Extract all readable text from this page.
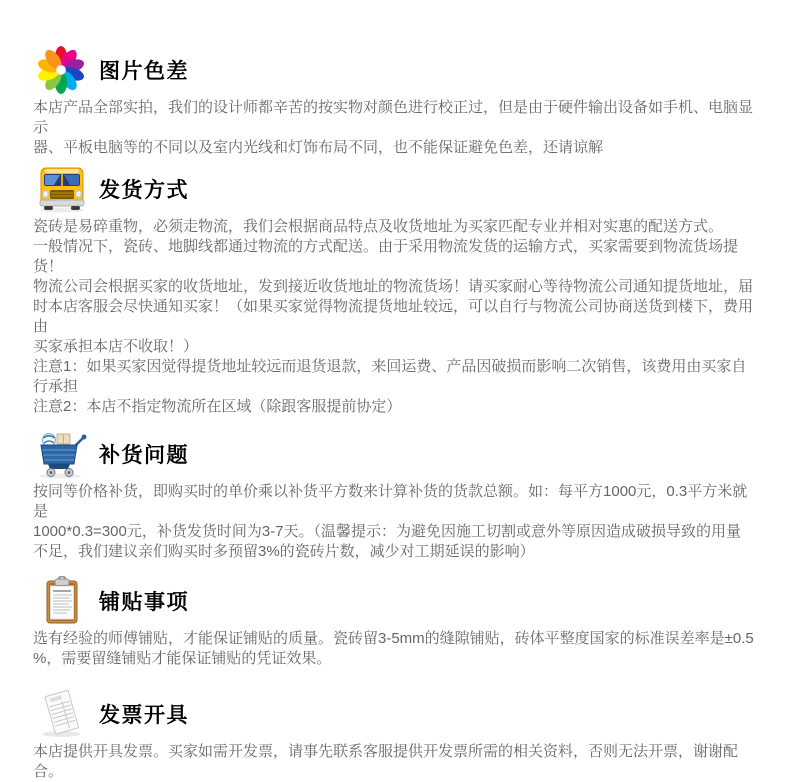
图片色差
本店产品全部实拍，我们的设计师都辛苦的按实物对颜色进行校正过，但是由于硬件输出设备如手机、电脑显示
器、平板电脑等的不同以及室内光线和灯饰布局不同，也不能保证避免色差，还请谅解
发货方式
瓷砖是易碎重物，必须走物流，我们会根据商品特点及收货地址为买家匹配专业并相对实惠的配送方式。
一般情况下，瓷砖、地脚线都通过物流的方式配送。由于采用物流发货的运输方式，买家需要到物流货场提货！
物流公司会根据买家的收货地址，发到接近收货地址的物流货场！请买家耐心等待物流公司通知提货地址，届
时本店客服会尽快通知买家！（如果买家觉得物流提货地址较远，可以自行与物流公司协商送货到楼下，费用由
买家承担本店不收取！）
注意1：如果买家因觉得提货地址较远而退货退款，来回运费、产品因破损而影响二次销售，该费用由买家自行承担
注意2：本店不指定物流所在区域（除跟客服提前协定）
补货问题
按同等价格补货，即购买时的单价乘以补货平方数来计算补货的货款总额。如：每平方1000元，0.3平方米就是
1000*0.3=300元，补货发货时间为3-7天。（温馨提示：为避免因施工切割或意外等原因造成破损导致的用量
不足，我们建议亲们购买时多预留3%的瓷砖片数，减少对工期延误的影响）
铺贴事项
选有经验的师傅铺贴，才能保证铺贴的质量。瓷砖留3-5mm的缝隙铺贴，砖体平整度国家的标准误差率是±0.5
%，需要留缝铺贴才能保证铺贴的凭证效果。
发票开具
本店提供开具发票。买家如需开发票，请事先联系客服提供开发票所需的相关资料，否则无法开票，谢谢配合。
